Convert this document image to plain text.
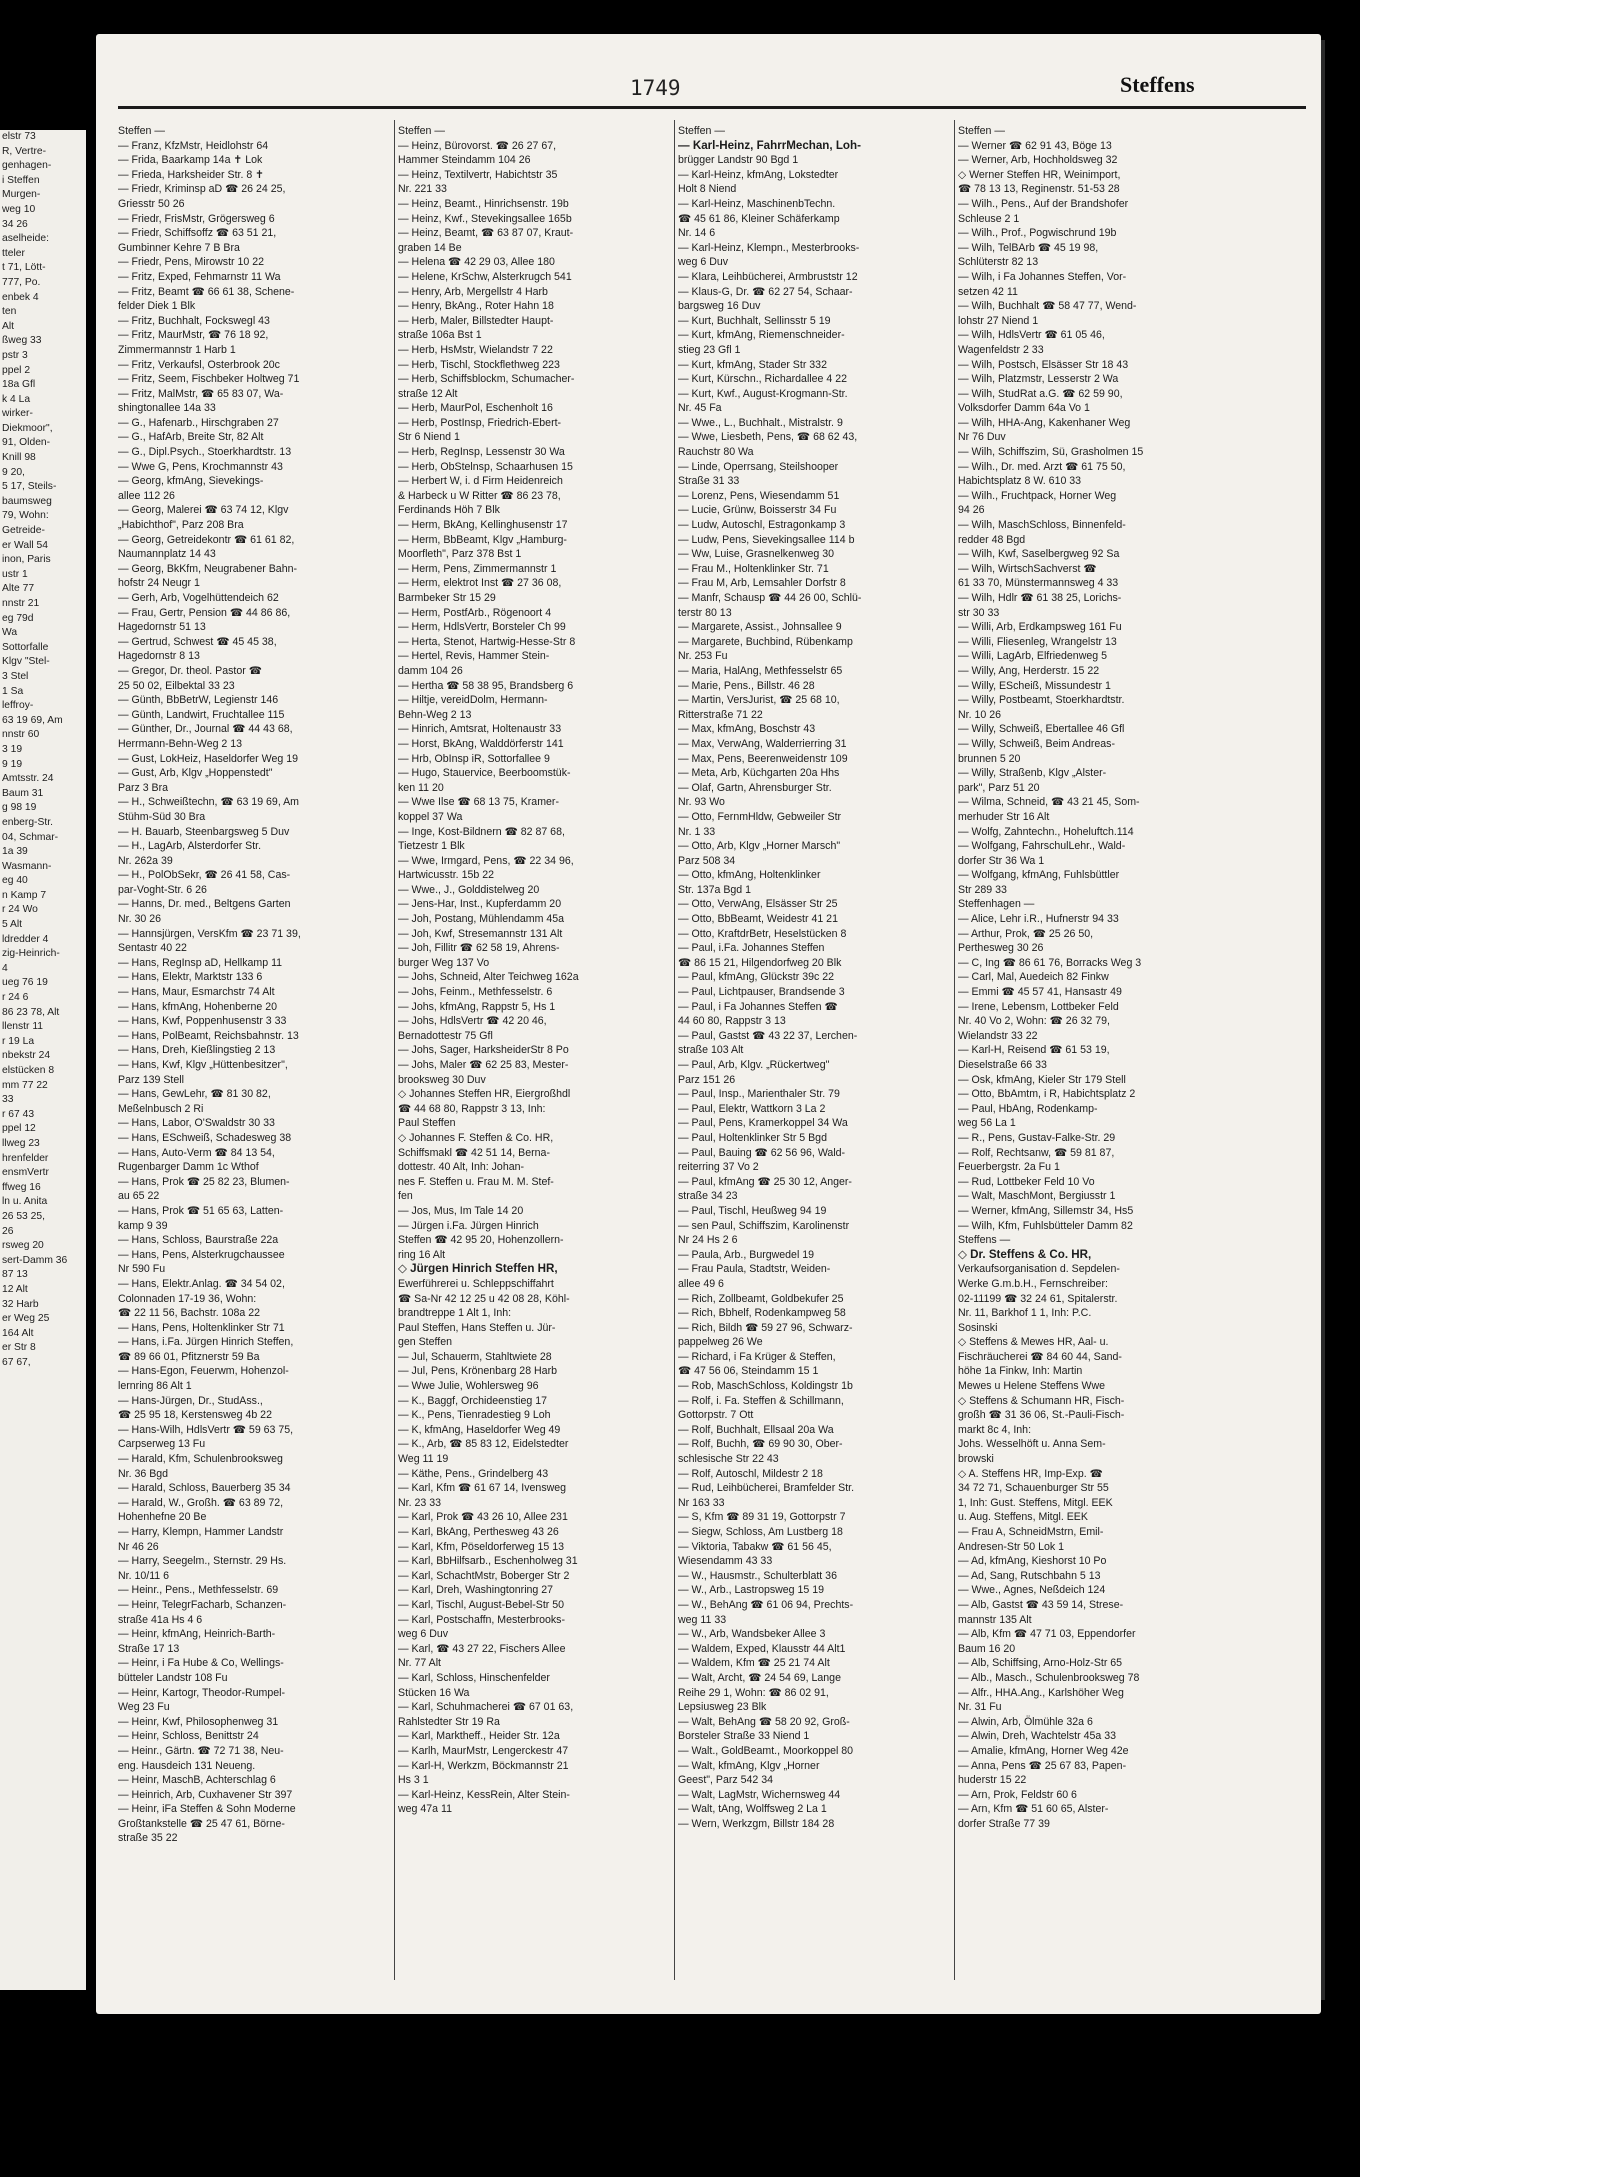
elstr 73
R, Vertre-
genhagen-
i Steffen
Murgen-
weg 10
34 26
aselheide:
tteler
t 71, Lött-
777, Po.
enbek 4
ten
Alt
ßweg 33
pstr 3
ppel 2
18a Gfl
k 4 La
wirker-
Diekmoor",
91, Olden-
Knill 98
9 20,
5 17, Steils-
baumsweg
79, Wohn:
Getreide-
er Wall 54
inon, Paris
ustr 1
Alte 77
nnstr 21
eg 79d
Wa
Sottorfalle
Klgv "Stel-
3 Stel
1 Sa
leffroy-
63 19 69, Am
nnstr 60
3 19
9 19
Amtsstr. 24
Baum 31
g 98 19
enberg-Str.
04, Schmar-
1a 39
Wasmann-
eg 40
n Kamp 7
r 24 Wo
5 Alt
ldredder 4
zig-Heinrich-
4
ueg 76 19
r 24 6
86 23 78, Alt
llenstr 11
r 19 La
nbekstr 24
elstücken 8
mm 77 22
33
r 67 43
ppel 12
llweg 23
hrenfelder
ensmVertr
ffweg 16
ln u. Anita
26 53 25,
26
rsweg 20
sert-Damm 36
87 13
12 Alt
32 Harb
er Weg 25
164 Alt
er Str 8
67 67,
1749	Steffens
Steffen —
— Franz, KfzMstr, Heidlohstr 64
— Frida, Baarkamp 14a ✝ Lok
— Frieda, Harksheider Str. 8 ✝
— Friedr, Kriminsp aD ☎ 26 24 25,
Griesstr 50 26
— Friedr, FrisMstr, Grögersweg 6
— Friedr, Schiffsoffz ☎ 63 51 21,
Gumbinner Kehre 7 B Bra
— Friedr, Pens, Mirowstr 10 22
— Fritz, Exped, Fehmarnstr 11 Wa
— Fritz, Beamt ☎ 66 61 38, Schene-
felder Diek 1 Blk
— Fritz, Buchhalt, Fockswegl 43
— Fritz, MaurMstr, ☎ 76 18 92,
Zimmermannstr 1 Harb 1
— Fritz, Verkaufsl, Osterbrook 20c
— Fritz, Seem, Fischbeker Holtweg 71
— Fritz, MalMstr, ☎ 65 83 07, Wa-
shingtonallee 14a 33
— G., Hafenarb., Hirschgraben 27
— G., HafArb, Breite Str, 82 Alt
— G., Dipl.Psych., Stoerkhardtstr. 13
— Wwe G, Pens, Krochmannstr 43
— Georg, kfmAng, Sievekings-
allee 112 26
— Georg, Malerei ☎ 63 74 12, Klgv
„Habichthof", Parz 208 Bra
— Georg, Getreidekontr ☎ 61 61 82,
Naumannplatz 14 43
— Georg, BkKfm, Neugrabener Bahn-
hofstr 24 Neugr 1
— Gerh, Arb, Vogelhüttendeich 62
— Frau, Gertr, Pension ☎ 44 86 86,
Hagedornstr 51 13
— Gertrud, Schwest ☎ 45 45 38,
Hagedornstr 8 13
— Gregor, Dr. theol. Pastor ☎
25 50 02, Eilbektal 33 23
— Günth, BbBetrW, Legienstr 146
— Günth, Landwirt, Fruchtallee 115
— Günther, Dr., Journal ☎ 44 43 68,
Herrmann-Behn-Weg 2 13
— Gust, LokHeiz, Haseldorfer Weg 19
— Gust, Arb, Klgv „Hoppenstedt"
Parz 3 Bra
— H., Schweißtechn, ☎ 63 19 69, Am
Stühm-Süd 30 Bra
— H. Bauarb, Steenbargsweg 5 Duv
— H., LagArb, Alsterdorfer Str.
Nr. 262a 39
— H., PolObSekr, ☎ 26 41 58, Cas-
par-Voght-Str. 6 26
— Hanns, Dr. med., Beltgens Garten
Nr. 30 26
— Hannsjürgen, VersKfm ☎ 23 71 39,
Sentastr 40 22
— Hans, RegInsp aD, Hellkamp 11
— Hans, Elektr, Marktstr 133 6
— Hans, Maur, Esmarchstr 74 Alt
— Hans, kfmAng, Hohenberne 20
— Hans, Kwf, Poppenhusenstr 3 33
— Hans, PolBeamt, Reichsbahnstr. 13
— Hans, Dreh, Kießlingstieg 2 13
— Hans, Kwf, Klgv „Hüttenbesitzer",
Parz 139 Stell
— Hans, GewLehr, ☎ 81 30 82,
Meßelnbusch 2 Ri
— Hans, Labor, O'Swaldstr 30 33
— Hans, ESchweiß, Schadesweg 38
— Hans, Auto-Verm ☎ 84 13 54,
Rugenbarger Damm 1c Wthof
— Hans, Prok ☎ 25 82 23, Blumen-
au 65 22
— Hans, Prok ☎ 51 65 63, Latten-
kamp 9 39
— Hans, Schloss, Baurstraße 22a
— Hans, Pens, Alsterkrugchaussee
Nr 590 Fu
— Hans, Elektr.Anlag. ☎ 34 54 02,
Colonnaden 17-19 36, Wohn:
☎ 22 11 56, Bachstr. 108a 22
— Hans, Pens, Holtenklinker Str 71
— Hans, i.Fa. Jürgen Hinrich Steffen,
☎ 89 66 01, Pfitznerstr 59 Ba
— Hans-Egon, Feuerwm, Hohenzol-
lernring 86 Alt 1
— Hans-Jürgen, Dr., StudAss.,
☎ 25 95 18, Kerstensweg 4b 22
— Hans-Wilh, HdlsVertr ☎ 59 63 75,
Carpserweg 13 Fu
— Harald, Kfm, Schulenbrooksweg
Nr. 36 Bgd
— Harald, Schloss, Bauerberg 35 34
— Harald, W., Großh. ☎ 63 89 72,
Hohenhefne 20 Be
— Harry, Klempn, Hammer Landstr
Nr 46 26
— Harry, Seegelm., Sternstr. 29 Hs.
Nr. 10/11 6
— Heinr., Pens., Methfesselstr. 69
— Heinr, TelegrFacharb, Schanzen-
straße 41a Hs 4 6
— Heinr, kfmAng, Heinrich-Barth-
Straße 17 13
— Heinr, i Fa Hube & Co, Wellings-
bütteler Landstr 108 Fu
— Heinr, Kartogr, Theodor-Rumpel-
Weg 23 Fu
— Heinr, Kwf, Philosophenweg 31
— Heinr, Schloss, Benittstr 24
— Heinr., Gärtn. ☎ 72 71 38, Neu-
eng. Hausdeich 131 Neueng.
— Heinr, MaschB, Achterschlag 6
— Heinrich, Arb, Cuxhavener Str 397
— Heinr, iFa Steffen & Sohn Moderne
Großtankstelle ☎ 25 47 61, Börne-
straße 35 22
Steffen —
— Heinz, Bürovorst. ☎ 26 27 67,
Hammer Steindamm 104 26
— Heinz, Textilvertr, Habichtstr 35
Nr. 221 33
— Heinz, Beamt., Hinrichsenstr. 19b
— Heinz, Kwf., Stevekingsallee 165b
— Heinz, Beamt, ☎ 63 87 07, Kraut-
graben 14 Be
— Helena ☎ 42 29 03, Allee 180
— Helene, KrSchw, Alsterkrugch 541
— Henry, Arb, Mergellstr 4 Harb
— Henry, BkAng., Roter Hahn 18
— Herb, Maler, Billstedter Haupt-
straße 106a Bst 1
— Herb, HsMstr, Wielandstr 7 22
— Herb, Tischl, Stockflethweg 223
— Herb, Schiffsblockm, Schumacher-
straße 12 Alt
— Herb, MaurPol, Eschenholt 16
— Herb, PostInsp, Friedrich-Ebert-
Str 6 Niend 1
— Herb, RegInsp, Lessenstr 30 Wa
— Herb, ObStelnsp, Schaarhusen 15
— Herbert W, i. d Firm Heidenreich
& Harbeck u W Ritter ☎ 86 23 78,
Ferdinands Höh 7 Blk
— Herm, BkAng, Kellinghusenstr 17
— Herm, BbBeamt, Klgv „Hamburg-
Moorfleth", Parz 378 Bst 1
— Herm, Pens, Zimmermannstr 1
— Herm, elektrot Inst ☎ 27 36 08,
Barmbeker Str 15 29
— Herm, PostfArb., Rögenoort 4
— Herm, HdlsVertr, Borsteler Ch 99
— Herta, Stenot, Hartwig-Hesse-Str 8
— Hertel, Revis, Hammer Stein-
damm 104 26
— Hertha ☎ 58 38 95, Brandsberg 6
— Hiltje, vereidDolm, Hermann-
Behn-Weg 2 13
— Hinrich, Amtsrat, Holtenaustr 33
— Horst, BkAng, Walddörferstr 141
— Hrb, ObInsp iR, Sottorfallee 9
— Hugo, Stauervice, Beerboomstük-
ken 11 20
— Wwe Ilse ☎ 68 13 75, Kramer-
koppel 37 Wa
— Inge, Kost-Bildnern ☎ 82 87 68,
Tietzestr 1 Blk
— Wwe, Irmgard, Pens, ☎ 22 34 96,
Hartwicusstr. 15b 22
— Wwe., J., Golddistelweg 20
— Jens-Har, Inst., Kupferdamm 20
— Joh, Postang, Mühlendamm 45a
— Joh, Kwf, Stresemannstr 131 Alt
— Joh, Fillitr ☎ 62 58 19, Ahrens-
burger Weg 137 Vo
— Johs, Schneid, Alter Teichweg 162a
— Johs, Feinm., Methfesselstr. 6
— Johs, kfmAng, Rappstr 5, Hs 1
— Johs, HdlsVertr ☎ 42 20 46,
Bernadottestr 75 Gfl
— Johs, Sager, HarksheiderStr 8 Po
— Johs, Maler ☎ 62 25 83, Mester-
brooksweg 30 Duv
◇ Johannes Steffen HR, Eiergroßhdl
☎ 44 68 80, Rappstr 3 13, Inh:
Paul Steffen
◇ Johannes F. Steffen & Co. HR,
Schiffsmakl ☎ 42 51 14, Berna-
dottestr. 40 Alt, Inh: Johan-
nes F. Steffen u. Frau M. M. Stef-
fen
— Jos, Mus, Im Tale 14 20
— Jürgen i.Fa. Jürgen Hinrich
Steffen ☎ 42 95 20, Hohenzollern-
ring 16 Alt
◇ Jürgen Hinrich Steffen HR,
Ewerführerei u. Schleppschiffahrt
☎ Sa-Nr 42 12 25 u 42 08 28, Köhl-
brandtreppe 1 Alt 1, Inh:
Paul Steffen, Hans Steffen u. Jür-
gen Steffen
— Jul, Schauerm, Stahltwiete 28
— Jul, Pens, Krönenbarg 28 Harb
— Wwe Julie, Wohlersweg 96
— K., Baggf, Orchideenstieg 17
— K., Pens, Tienradestieg 9 Loh
— K, kfmAng, Haseldorfer Weg 49
— K., Arb, ☎ 85 83 12, Eidelstedter
Weg 11 19
— Käthe, Pens., Grindelberg 43
— Karl, Kfm ☎ 61 67 14, Ivensweg
Nr. 23 33
— Karl, Prok ☎ 43 26 10, Allee 231
— Karl, BkAng, Perthesweg 43 26
— Karl, Kfm, Pöseldorferweg 15 13
— Karl, BbHilfsarb., Eschenholweg 31
— Karl, SchachtMstr, Boberger Str 2
— Karl, Dreh, Washingtonring 27
— Karl, Tischl, August-Bebel-Str 50
— Karl, Postschaffn, Mesterbrooks-
weg 6 Duv
— Karl, ☎ 43 27 22, Fischers Allee
Nr. 77 Alt
— Karl, Schloss, Hinschenfelder
Stücken 16 Wa
— Karl, Schuhmacherei ☎ 67 01 63,
Rahlstedter Str 19 Ra
— Karl, Marktheff., Heider Str. 12a
— Karlh, MaurMstr, Lengerckestr 47
— Karl-H, Werkzm, Böckmannstr 21
Hs 3 1
— Karl-Heinz, KessRein, Alter Stein-
weg 47a 11
Steffen —
— Karl-Heinz, FahrrMechan, Loh-
brügger Landstr 90 Bgd 1
— Karl-Heinz, kfmAng, Lokstedter
Holt 8 Niend
— Karl-Heinz, MaschinenbTechn.
☎ 45 61 86, Kleiner Schäferkamp
Nr. 14 6
— Karl-Heinz, Klempn., Mesterbrooks-
weg 6 Duv
— Klara, Leihbücherei, Armbruststr 12
— Klaus-G, Dr. ☎ 62 27 54, Schaar-
bargsweg 16 Duv
— Kurt, Buchhalt, Sellinsstr 5 19
— Kurt, kfmAng, Riemenschneider-
stieg 23 Gfl 1
— Kurt, kfmAng, Stader Str 332
— Kurt, Kürschn., Richardallee 4 22
— Kurt, Kwf., August-Krogmann-Str.
Nr. 45 Fa
— Wwe., L., Buchhalt., Mistralstr. 9
— Wwe, Liesbeth, Pens, ☎ 68 62 43,
Rauchstr 80 Wa
— Linde, Operrsang, Steilshooper
Straße 31 33
— Lorenz, Pens, Wiesendamm 51
— Lucie, Grünw, Boisserstr 34 Fu
— Ludw, Autoschl, Estragonkamp 3
— Ludw, Pens, Sievekingsallee 114 b
— Ww, Luise, Grasnelkenweg 30
— Frau M., Holtenklinker Str. 71
— Frau M, Arb, Lemsahler Dorfstr 8
— Manfr, Schausp ☎ 44 26 00, Schlü-
terstr 80 13
— Margarete, Assist., Johnsallee 9
— Margarete, Buchbind, Rübenkamp
Nr. 253 Fu
— Maria, HalAng, Methfesselstr 65
— Marie, Pens., Billstr. 46 28
— Martin, VersJurist, ☎ 25 68 10,
Ritterstraße 71 22
— Max, kfmAng, Boschstr 43
— Max, VerwAng, Walderrierring 31
— Max, Pens, Beerenweidenstr 109
— Meta, Arb, Küchgarten 20a Hhs
— Olaf, Gartn, Ahrensburger Str.
Nr. 93 Wo
— Otto, FernmHldw, Gebweiler Str
Nr. 1 33
— Otto, Arb, Klgv „Horner Marsch"
Parz 508 34
— Otto, kfmAng, Holtenklinker
Str. 137a Bgd 1
— Otto, VerwAng, Elsässer Str 25
— Otto, BbBeamt, Weidestr 41 21
— Otto, KraftdrBetr, Heselstücken 8
— Paul, i.Fa. Johannes Steffen
☎ 86 15 21, Hilgendorfweg 20 Blk
— Paul, kfmAng, Glückstr 39c 22
— Paul, Lichtpauser, Brandsende 3
— Paul, i Fa Johannes Steffen ☎
44 60 80, Rappstr 3 13
— Paul, Gastst ☎ 43 22 37, Lerchen-
straße 103 Alt
— Paul, Arb, Klgv. „Rückertweg"
Parz 151 26
— Paul, Insp., Marienthaler Str. 79
— Paul, Elektr, Wattkorn 3 La 2
— Paul, Pens, Kramerkoppel 34 Wa
— Paul, Holtenklinker Str 5 Bgd
— Paul, Bauing ☎ 62 56 96, Wald-
reiterring 37 Vo 2
— Paul, kfmAng ☎ 25 30 12, Anger-
straße 34 23
— Paul, Tischl, Heußweg 94 19
— sen Paul, Schiffszim, Karolinenstr
Nr 24 Hs 2 6
— Paula, Arb., Burgwedel 19
— Frau Paula, Stadtstr, Weiden-
allee 49 6
— Rich, Zollbeamt, Goldbekufer 25
— Rich, Bbhelf, Rodenkampweg 58
— Rich, Bildh ☎ 59 27 96, Schwarz-
pappelweg 26 We
— Richard, i Fa Krüger & Steffen,
☎ 47 56 06, Steindamm 15 1
— Rob, MaschSchloss, Koldingstr 1b
— Rolf, i. Fa. Steffen & Schillmann,
Gottorpstr. 7 Ott
— Rolf, Buchhalt, Ellsaal 20a Wa
— Rolf, Buchh, ☎ 69 90 30, Ober-
schlesische Str 22 43
— Rolf, Autoschl, Mildestr 2 18
— Rud, Leihbücherei, Bramfelder Str.
Nr 163 33
— S, Kfm ☎ 89 31 19, Gottorpstr 7
— Siegw, Schloss, Am Lustberg 18
— Viktoria, Tabakw ☎ 61 56 45,
Wiesendamm 43 33
— W., Hausmstr., Schulterblatt 36
— W., Arb., Lastropsweg 15 19
— W., BehAng ☎ 61 06 94, Prechts-
weg 11 33
— W., Arb, Wandsbeker Allee 3
— Waldem, Exped, Klausstr 44 Alt1
— Waldem, Kfm ☎ 25 21 74 Alt
— Walt, Archt, ☎ 24 54 69, Lange
Reihe 29 1, Wohn: ☎ 86 02 91,
Lepsiusweg 23 Blk
— Walt, BehAng ☎ 58 20 92, Groß-
Borsteler Straße 33 Niend 1
— Walt., GoldBeamt., Moorkoppel 80
— Walt, kfmAng, Klgv „Horner
Geest", Parz 542 34
— Walt, LagMstr, Wichernsweg 44
— Walt, tAng, Wolffsweg 2 La 1
— Wern, Werkzgm, Billstr 184 28
Steffen —
— Werner ☎ 62 91 43, Böge 13
— Werner, Arb, Hochholdsweg 32
◇ Werner Steffen HR, Weinimport,
☎ 78 13 13, Reginenstr. 51-53 28
— Wilh., Pens., Auf der Brandshofer
Schleuse 2 1
— Wilh., Prof., Pogwischrund 19b
— Wilh, TelBArb ☎ 45 19 98,
Schlüterstr 82 13
— Wilh, i Fa Johannes Steffen, Vor-
setzen 42 11
— Wilh, Buchhalt ☎ 58 47 77, Wend-
lohstr 27 Niend 1
— Wilh, HdlsVertr ☎ 61 05 46,
Wagenfeldstr 2 33
— Wilh, Postsch, Elsässer Str 18 43
— Wilh, Platzmstr, Lesserstr 2 Wa
— Wilh, StudRat a.G. ☎ 62 59 90,
Volksdorfer Damm 64a Vo 1
— Wilh, HHA-Ang, Kakenhaner Weg
Nr 76 Duv
— Wilh, Schiffszim, Sü, Grasholmen 15
— Wilh., Dr. med. Arzt ☎ 61 75 50,
Habichtsplatz 8 W. 610 33
— Wilh., Fruchtpack, Horner Weg
94 26
— Wilh, MaschSchloss, Binnenfeld-
redder 48 Bgd
— Wilh, Kwf, Saselbergweg 92 Sa
— Wilh, WirtschSachverst ☎
61 33 70, Münstermannsweg 4 33
— Wilh, Hdlr ☎ 61 38 25, Lorichs-
str 30 33
— Willi, Arb, Erdkampsweg 161 Fu
— Willi, Fliesenleg, Wrangelstr 13
— Willi, LagArb, Elfriedenweg 5
— Willy, Ang, Herderstr. 15 22
— Willy, EScheiß, Missundestr 1
— Willy, Postbeamt, Stoerkhardtstr.
Nr. 10 26
— Willy, Schweiß, Ebertallee 46 Gfl
— Willy, Schweiß, Beim Andreas-
brunnen 5 20
— Willy, Straßenb, Klgv „Alster-
park", Parz 51 20
— Wilma, Schneid, ☎ 43 21 45, Som-
merhuder Str 16 Alt
— Wolfg, Zahntechn., Hoheluftch.114
— Wolfgang, FahrschulLehr., Wald-
dorfer Str 36 Wa 1
— Wolfgang, kfmAng, Fuhlsbüttler
Str 289 33
Steffenhagen —
— Alice, Lehr i.R., Hufnerstr 94 33
— Arthur, Prok, ☎ 25 26 50,
Perthesweg 30 26
— C, Ing ☎ 86 61 76, Borracks Weg 3
— Carl, Mal, Auedeich 82 Finkw
— Emmi ☎ 45 57 41, Hansastr 49
— Irene, Lebensm, Lottbeker Feld
Nr. 40 Vo 2, Wohn: ☎ 26 32 79,
Wielandstr 33 22
— Karl-H, Reisend ☎ 61 53 19,
Dieselstraße 66 33
— Osk, kfmAng, Kieler Str 179 Stell
— Otto, BbAmtm, i R, Habichtsplatz 2
— Paul, HbAng, Rodenkamp-
weg 56 La 1
— R., Pens, Gustav-Falke-Str. 29
— Rolf, Rechtsanw, ☎ 59 81 87,
Feuerbergstr. 2a Fu 1
— Rud, Lottbeker Feld 10 Vo
— Walt, MaschMont, Bergiusstr 1
— Werner, kfmAng, Sillemstr 34, Hs5
— Wilh, Kfm, Fuhlsbütteler Damm 82
Steffens —
◇ Dr. Steffens & Co. HR,
Verkaufsorganisation d. Sepdelen-
Werke G.m.b.H., Fernschreiber:
02-11199 ☎ 32 24 61, Spitalerstr.
Nr. 11, Barkhof 1 1, Inh: P.C.
Sosinski
◇ Steffens & Mewes HR, Aal- u.
Fischräucherei ☎ 84 60 44, Sand-
höhe 1a Finkw, Inh: Martin
Mewes u Helene Steffens Wwe
◇ Steffens & Schumann HR, Fisch-
großh ☎ 31 36 06, St.-Pauli-Fisch-
markt 8c 4, Inh:
Johs. Wesselhöft u. Anna Sem-
browski
◇ A. Steffens HR, Imp-Exp. ☎
34 72 71, Schauenburger Str 55
1, Inh: Gust. Steffens, Mitgl. EEK
u. Aug. Steffens, Mitgl. EEK
— Frau A, SchneidMstrn, Emil-
Andresen-Str 50 Lok 1
— Ad, kfmAng, Kieshorst 10 Po
— Ad, Sang, Rutschbahn 5 13
— Wwe., Agnes, Neßdeich 124
— Alb, Gastst ☎ 43 59 14, Strese-
mannstr 135 Alt
— Alb, Kfm ☎ 47 71 03, Eppendorfer
Baum 16 20
— Alb, Schiffsing, Arno-Holz-Str 65
— Alb., Masch., Schulenbrooksweg 78
— Alfr., HHA.Ang., Karlshöher Weg
Nr. 31 Fu
— Alwin, Arb, Ölmühle 32a 6
— Alwin, Dreh, Wachtelstr 45a 33
— Amalie, kfmAng, Horner Weg 42e
— Anna, Pens ☎ 25 67 83, Papen-
huderstr 15 22
— Arn, Prok, Feldstr 60 6
— Arn, Kfm ☎ 51 60 65, Alster-
dorfer Straße 77 39
